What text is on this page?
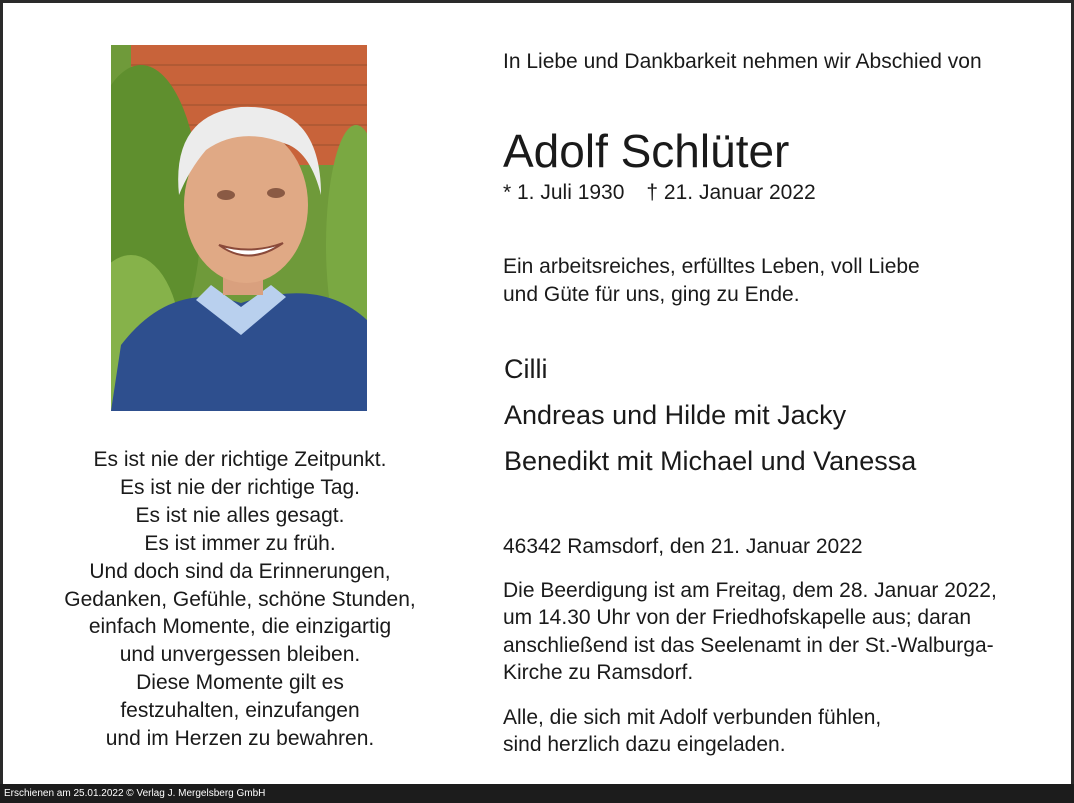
Es ist nie der richtige Zeitpunkt.
Es ist nie der richtige Tag.
Es ist nie alles gesagt.
Es ist immer zu früh.
Und doch sind da Erinnerungen,
Gedanken, Gefühle, schöne Stunden,
einfach Momente, die einzigartig
und unvergessen bleiben.
Diese Momente gilt es
festzuhalten, einzufangen
und im Herzen zu bewahren.
In Liebe und Dankbarkeit nehmen wir Abschied von
Adolf Schlüter
* 1. Juli 1930 † 21. Januar 2022
Ein arbeitsreiches, erfülltes Leben, voll Liebe
und Güte für uns, ging zu Ende.
Cilli
Andreas und Hilde mit Jacky
Benedikt mit Michael und Vanessa
46342 Ramsdorf, den 21. Januar 2022
Die Beerdigung ist am Freitag, dem 28. Januar 2022,
um 14.30 Uhr von der Friedhofskapelle aus; daran
anschließend ist das Seelenamt in der St.-Walburga-
Kirche zu Ramsdorf.
Alle, die sich mit Adolf verbunden fühlen,
sind herzlich dazu eingeladen.
Erschienen am 25.01.2022 © Verlag J. Mergelsberg GmbH
